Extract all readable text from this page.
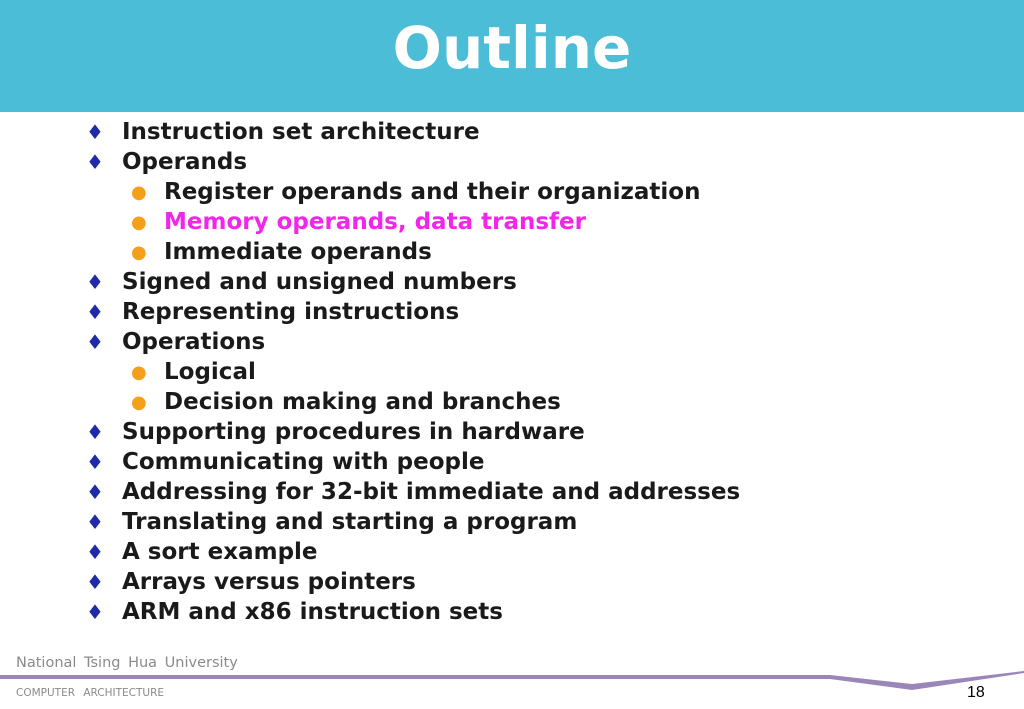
Outline
♦ Instruction set architecture
♦ Operands
● Register operands and their organization
● Memory operands, data transfer
● Immediate operands
♦ Signed and unsigned numbers
♦ Representing instructions
♦ Operations
● Logical
● Decision making and branches
♦ Supporting procedures in hardware
♦ Communicating with people
♦ Addressing for 32-bit immediate and addresses
♦ Translating and starting a program
♦ A sort example
♦ Arrays versus pointers
♦ ARM and x86 instruction sets
National Tsing Hua University
COMPUTER ARCHITECTURE	18
